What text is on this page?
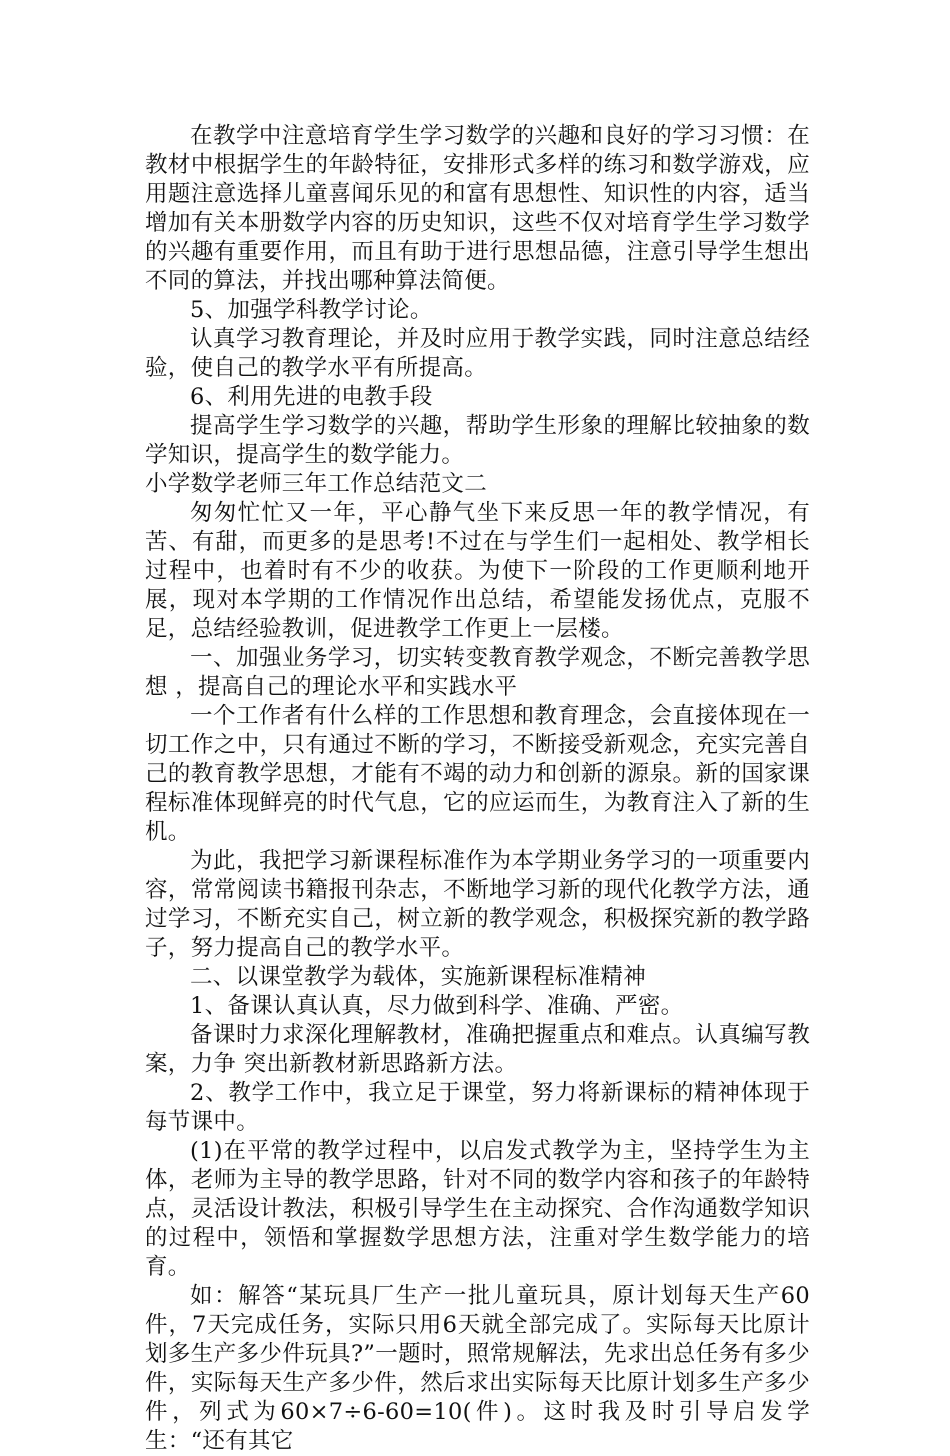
在教学中注意培育学生学习数学的兴趣和良好的学习习惯：在教材中根据学生的年龄特征，安排形式多样的练习和数学游戏，应用题注意选择儿童喜闻乐见的和富有思想性、知识性的内容，适当增加有关本册数学内容的历史知识，这些不仅对培育学生学习数学的兴趣有重要作用，而且有助于进行思想品德，注意引导学生想出不同的算法，并找出哪种算法简便。

5、加强学科教学讨论。

认真学习教育理论，并及时应用于教学实践，同时注意总结经验，使自己的教学水平有所提高。

6、利用先进的电教手段

提高学生学习数学的兴趣，帮助学生形象的理解比较抽象的数学知识，提高学生的数学能力。

小学数学老师三年工作总结范文二

匆匆忙忙又一年，平心静气坐下来反思一年的教学情况，有苦、有甜，而更多的是思考!不过在与学生们一起相处、教学相长过程中，也着时有不少的收获。为使下一阶段的工作更顺利地开展，现对本学期的工作情况作出总结，希望能发扬优点，克服不足，总结经验教训，促进教学工作更上一层楼。

一、加强业务学习，切实转变教育教学观念，不断完善教学思想 ，提高自己的理论水平和实践水平

一个工作者有什么样的工作思想和教育理念，会直接体现在一切工作之中，只有通过不断的学习，不断接受新观念，充实完善自己的教育教学思想，才能有不竭的动力和创新的源泉。新的国家课程标准体现鲜亮的时代气息，它的应运而生，为教育注入了新的生机。

为此，我把学习新课程标准作为本学期业务学习的一项重要内容，常常阅读书籍报刊杂志，不断地学习新的现代化教学方法，通过学习，不断充实自己，树立新的教学观念，积极探究新的教学路子，努力提高自己的教学水平。

二、以课堂教学为载体，实施新课程标准精神

1、备课认真认真，尽力做到科学、准确、严密。

备课时力求深化理解教材，准确把握重点和难点。认真编写教案，力争 突出新教材新思路新方法。

2、教学工作中，我立足于课堂，努力将新课标的精神体现于每节课中。

(1)在平常的教学过程中，以启发式教学为主，坚持学生为主体，老师为主导的教学思路，针对不同的数学内容和孩子的年龄特点，灵活设计教法，积极引导学生在主动探究、合作沟通数学知识的过程中，领悟和掌握数学思想方法，注重对学生数学能力的培育。

如：解答“某玩具厂生产一批儿童玩具，原计划每天生产60件，7天完成任务，实际只用6天就全部完成了。实际每天比原计划多生产多少件玩具?”一题时，照常规解法，先求出总任务有多少件，实际每天生产多少件，然后求出实际每天比原计划多生产多少件，列式为60×7÷6-60=10(件)。这时我及时引导启发学生：“还有其它
